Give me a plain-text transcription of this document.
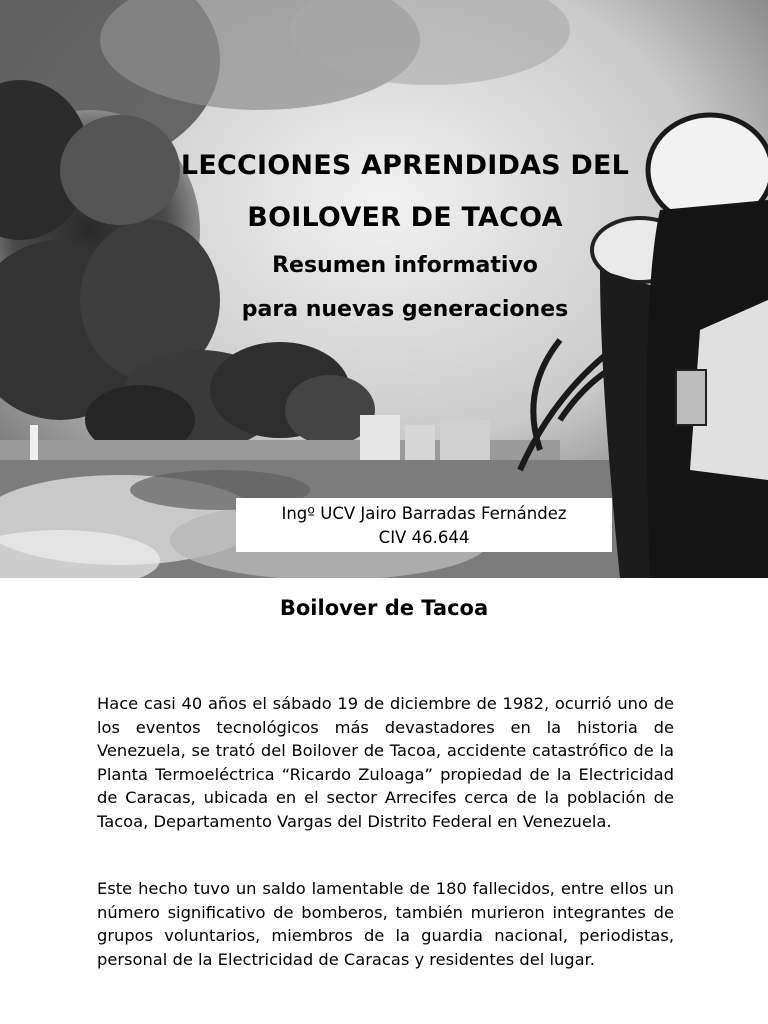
LECCIONES APRENDIDAS DEL
BOILOVER DE TACOA
Resumen informativo
para nuevas generaciones
Ingº UCV Jairo Barradas Fernández
CIV 46.644
Boilover de Tacoa

Hace casi 40 años el sábado 19 de diciembre de 1982, ocurrió uno de los eventos tecnológicos más devastadores en la historia de Venezuela, se trató del Boilover de Tacoa, accidente catastrófico de la Planta Termoeléctrica “Ricardo Zuloaga” propiedad de la Electricidad de Caracas, ubicada en el sector Arrecifes cerca de la población de Tacoa, Departamento Vargas del Distrito Federal en Venezuela.

Este hecho tuvo un saldo lamentable de 180 fallecidos, entre ellos un número significativo de bomberos, también murieron integrantes de grupos voluntarios, miembros de la guardia nacional, periodistas, personal de la Electricidad de Caracas y residentes del lugar.
